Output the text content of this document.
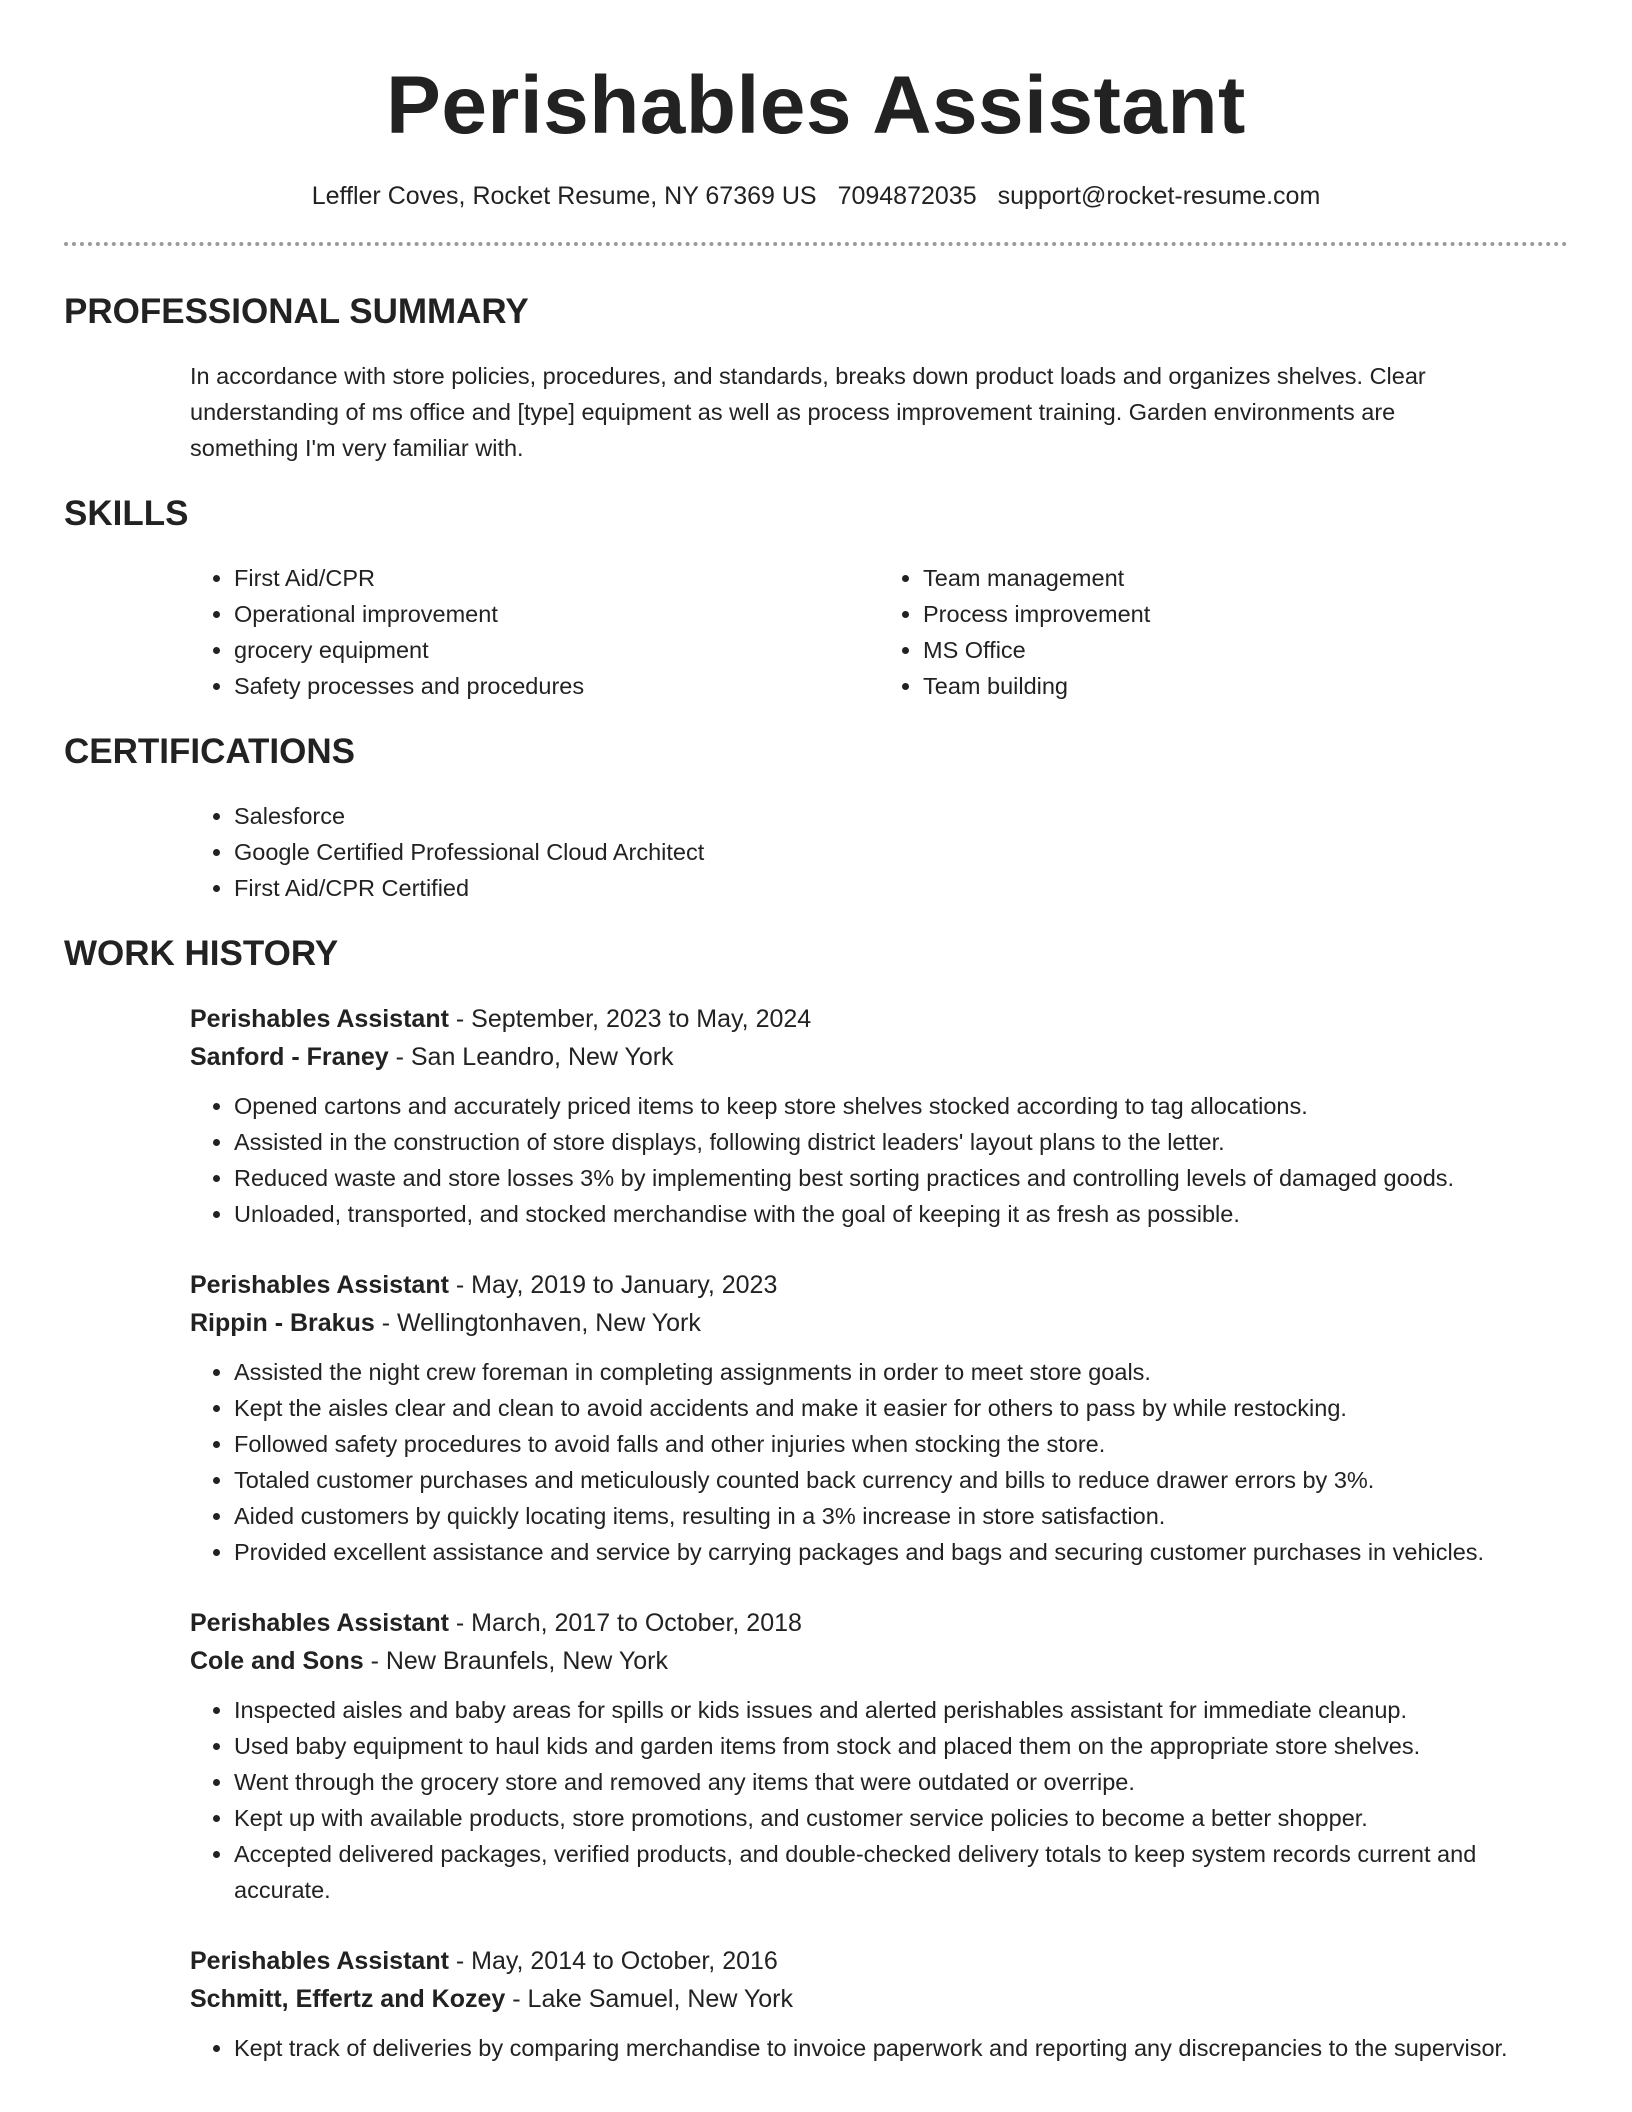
Perishables Assistant
Leffler Coves, Rocket Resume, NY 67369 US 7094872035 support@rocket-resume.com
PROFESSIONAL SUMMARY
In accordance with store policies, procedures, and standards, breaks down product loads and organizes shelves. Clear understanding of ms office and [type] equipment as well as process improvement training. Garden environments are something I'm very familiar with.
SKILLS
• First Aid/CPR
• Operational improvement
• grocery equipment
• Safety processes and procedures
• Team management
• Process improvement
• MS Office
• Team building
CERTIFICATIONS
• Salesforce
• Google Certified Professional Cloud Architect
• First Aid/CPR Certified
WORK HISTORY
Perishables Assistant - September, 2023 to May, 2024
Sanford - Franey - San Leandro, New York
• Opened cartons and accurately priced items to keep store shelves stocked according to tag allocations.
• Assisted in the construction of store displays, following district leaders' layout plans to the letter.
• Reduced waste and store losses 3% by implementing best sorting practices and controlling levels of damaged goods.
• Unloaded, transported, and stocked merchandise with the goal of keeping it as fresh as possible.
Perishables Assistant - May, 2019 to January, 2023
Rippin - Brakus - Wellingtonhaven, New York
• Assisted the night crew foreman in completing assignments in order to meet store goals.
• Kept the aisles clear and clean to avoid accidents and make it easier for others to pass by while restocking.
• Followed safety procedures to avoid falls and other injuries when stocking the store.
• Totaled customer purchases and meticulously counted back currency and bills to reduce drawer errors by 3%.
• Aided customers by quickly locating items, resulting in a 3% increase in store satisfaction.
• Provided excellent assistance and service by carrying packages and bags and securing customer purchases in vehicles.
Perishables Assistant - March, 2017 to October, 2018
Cole and Sons - New Braunfels, New York
• Inspected aisles and baby areas for spills or kids issues and alerted perishables assistant for immediate cleanup.
• Used baby equipment to haul kids and garden items from stock and placed them on the appropriate store shelves.
• Went through the grocery store and removed any items that were outdated or overripe.
• Kept up with available products, store promotions, and customer service policies to become a better shopper.
• Accepted delivered packages, verified products, and double-checked delivery totals to keep system records current and accurate.
Perishables Assistant - May, 2014 to October, 2016
Schmitt, Effertz and Kozey - Lake Samuel, New York
• Kept track of deliveries by comparing merchandise to invoice paperwork and reporting any discrepancies to the supervisor.
